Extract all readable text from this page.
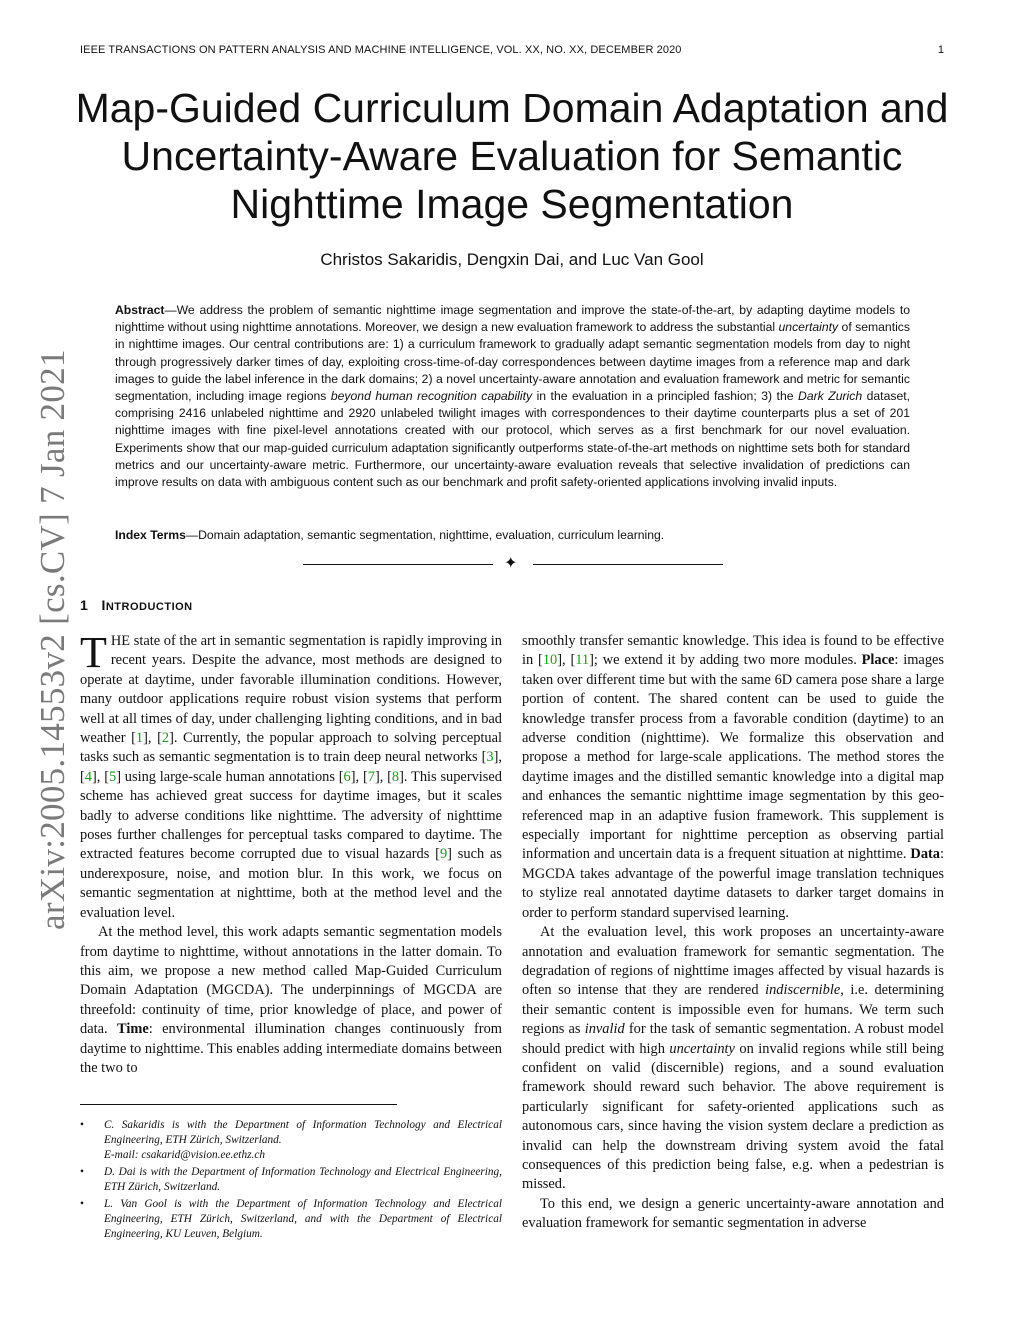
IEEE TRANSACTIONS ON PATTERN ANALYSIS AND MACHINE INTELLIGENCE, VOL. XX, NO. XX, DECEMBER 2020	1
Map-Guided Curriculum Domain Adaptation and
Uncertainty-Aware Evaluation for Semantic
Nighttime Image Segmentation
Christos Sakaridis, Dengxin Dai, and Luc Van Gool
Abstract—We address the problem of semantic nighttime image segmentation and improve the state-of-the-art, by adapting daytime models to nighttime without using nighttime annotations. Moreover, we design a new evaluation framework to address the substantial uncertainty of semantics in nighttime images. Our central contributions are: 1) a curriculum framework to gradually adapt semantic segmentation models from day to night through progressively darker times of day, exploiting cross-time-of-day correspondences between daytime images from a reference map and dark images to guide the label inference in the dark domains; 2) a novel uncertainty-aware annotation and evaluation framework and metric for semantic segmentation, including image regions beyond human recognition capability in the evaluation in a principled fashion; 3) the Dark Zurich dataset, comprising 2416 unlabeled nighttime and 2920 unlabeled twilight images with correspondences to their daytime counterparts plus a set of 201 nighttime images with fine pixel-level annotations created with our protocol, which serves as a first benchmark for our novel evaluation. Experiments show that our map-guided curriculum adaptation significantly outperforms state-of-the-art methods on nighttime sets both for standard metrics and our uncertainty-aware metric. Furthermore, our uncertainty-aware evaluation reveals that selective invalidation of predictions can improve results on data with ambiguous content such as our benchmark and profit safety-oriented applications involving invalid inputs.
Index Terms—Domain adaptation, semantic segmentation, nighttime, evaluation, curriculum learning.
✦
1 INTRODUCTION

THE state of the art in semantic segmentation is rapidly improving in recent years. Despite the advance, most methods are designed to operate at daytime, under favorable illumination conditions. However, many outdoor applications require robust vision systems that perform well at all times of day, under challenging lighting conditions, and in bad weather [1], [2]. Currently, the popular approach to solving perceptual tasks such as semantic segmentation is to train deep neural networks [3], [4], [5] using large-scale human annotations [6], [7], [8]. This supervised scheme has achieved great success for daytime images, but it scales badly to adverse conditions like nighttime. The adversity of nighttime poses further challenges for perceptual tasks compared to daytime. The extracted features become corrupted due to visual hazards [9] such as underexposure, noise, and motion blur. In this work, we focus on semantic segmentation at nighttime, both at the method level and the evaluation level.

At the method level, this work adapts semantic segmentation models from daytime to nighttime, without annotations in the latter domain. To this aim, we propose a new method called Map-Guided Curriculum Domain Adaptation (MGCDA). The underpinnings of MGCDA are threefold: continuity of time, prior knowledge of place, and power of data. Time: environmental illumination changes continuously from daytime to nighttime. This enables adding intermediate domains between the two to

• C. Sakaridis is with the Department of Information Technology and Electrical Engineering, ETH Zürich, Switzerland.
E-mail: csakarid@vision.ee.ethz.ch
• D. Dai is with the Department of Information Technology and Electrical Engineering, ETH Zürich, Switzerland.
• L. Van Gool is with the Department of Information Technology and Electrical Engineering, ETH Zürich, Switzerland, and with the Department of Electrical Engineering, KU Leuven, Belgium.

smoothly transfer semantic knowledge. This idea is found to be effective in [10], [11]; we extend it by adding two more modules. Place: images taken over different time but with the same 6D camera pose share a large portion of content. The shared content can be used to guide the knowledge transfer process from a favorable condition (daytime) to an adverse condition (nighttime). We formalize this observation and propose a method for large-scale applications. The method stores the daytime images and the distilled semantic knowledge into a digital map and enhances the semantic nighttime image segmentation by this geo-referenced map in an adaptive fusion framework. This supplement is especially important for nighttime perception as observing partial information and uncertain data is a frequent situation at nighttime. Data: MGCDA takes advantage of the powerful image translation techniques to stylize real annotated daytime datasets to darker target domains in order to perform standard supervised learning.

At the evaluation level, this work proposes an uncertainty-aware annotation and evaluation framework for semantic segmentation. The degradation of regions of nighttime images affected by visual hazards is often so intense that they are rendered indiscernible, i.e. determining their semantic content is impossible even for humans. We term such regions as invalid for the task of semantic segmentation. A robust model should predict with high uncertainty on invalid regions while still being confident on valid (discernible) regions, and a sound evaluation framework should reward such behavior. The above requirement is particularly significant for safety-oriented applications such as autonomous cars, since having the vision system declare a prediction as invalid can help the downstream driving system avoid the fatal consequences of this prediction being false, e.g. when a pedestrian is missed.

To this end, we design a generic uncertainty-aware annotation and evaluation framework for semantic segmentation in adverse

arXiv:2005.14553v2 [cs.CV] 7 Jan 2021
